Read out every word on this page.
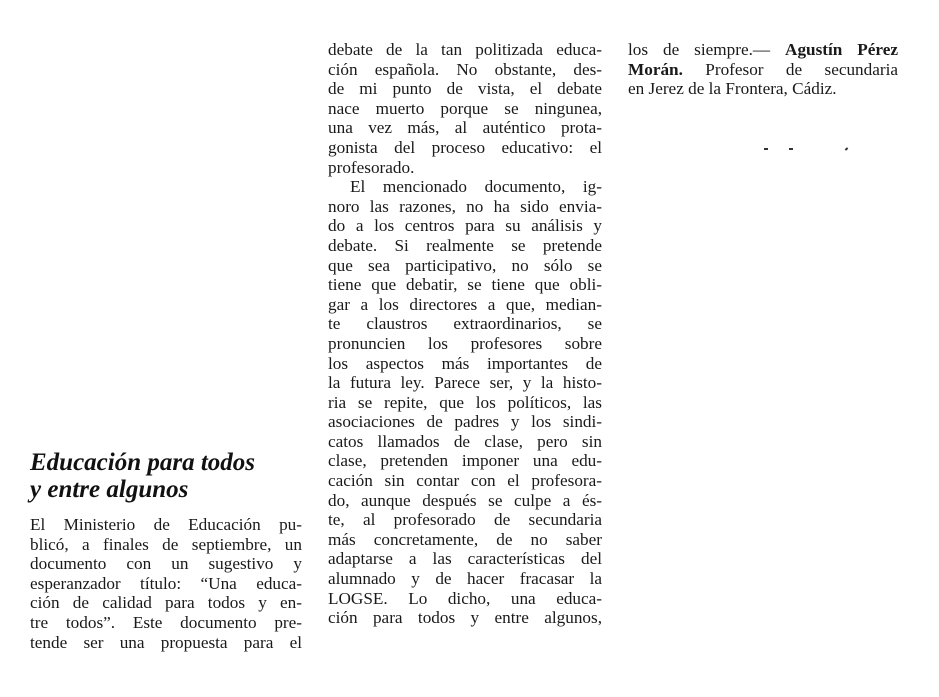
Educación para todos
y entre algunos
El Ministerio de Educación pu-
blicó, a finales de septiembre, un
documento con un sugestivo y
esperanzador título: “Una educa-
ción de calidad para todos y en-
tre todos”. Este documento pre-
tende ser una propuesta para el
debate de la tan politizada educa-
ción española. No obstante, des-
de mi punto de vista, el debate
nace muerto porque se ningunea,
una vez más, al auténtico prota-
gonista del proceso educativo: el
profesorado.
El mencionado documento, ig-
noro las razones, no ha sido envia-
do a los centros para su análisis y
debate. Si realmente se pretende
que sea participativo, no sólo se
tiene que debatir, se tiene que obli-
gar a los directores a que, median-
te claustros extraordinarios, se
pronuncien los profesores sobre
los aspectos más importantes de
la futura ley. Parece ser, y la histo-
ria se repite, que los políticos, las
asociaciones de padres y los sindi-
catos llamados de clase, pero sin
clase, pretenden imponer una edu-
cación sin contar con el profesora-
do, aunque después se culpe a és-
te, al profesorado de secundaria
más concretamente, de no saber
adaptarse a las características del
alumnado y de hacer fracasar la
LOGSE. Lo dicho, una educa-
ción para todos y entre algunos,
los de siempre.— Agustín Pérez
Morán. Profesor de secundaria
en Jerez de la Frontera, Cádiz.
